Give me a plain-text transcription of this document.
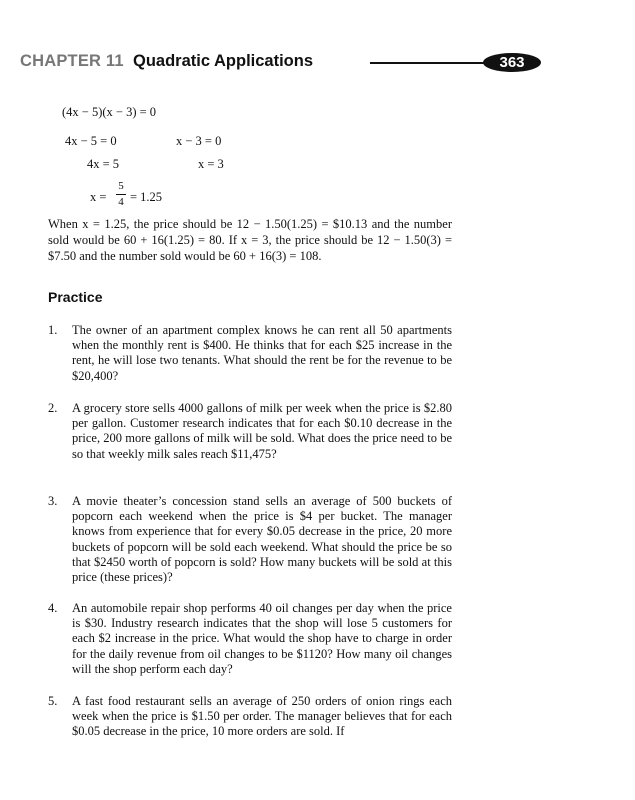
CHAPTER 11 Quadratic Applications	363
(4x − 5)(x − 3) = 0
4x − 5 = 0	x − 3 = 0
4x = 5	x = 3
x =
5
4 = 1.25

When x = 1.25, the price should be 12 − 1.50(1.25) = $10.13 and the number sold would be 60 + 16(1.25) = 80. If x = 3, the price should be 12 − 1.50(3) = $7.50 and the number sold would be 60 + 16(3) = 108.

Practice
1.	The owner of an apartment complex knows he can rent all 50 apartments when the monthly rent is $400. He thinks that for each $25 increase in the rent, he will lose two tenants. What should the rent be for the revenue to be $20,400?
2.	A grocery store sells 4000 gallons of milk per week when the price is $2.80 per gallon. Customer research indicates that for each $0.10 decrease in the price, 200 more gallons of milk will be sold. What does the price need to be so that weekly milk sales reach $11,475?
3.	A movie theater’s concession stand sells an average of 500 buckets of popcorn each weekend when the price is $4 per bucket. The manager knows from experience that for every $0.05 decrease in the price, 20 more buckets of popcorn will be sold each weekend. What should the price be so that $2450 worth of popcorn is sold? How many buckets will be sold at this price (these prices)?
4.	An automobile repair shop performs 40 oil changes per day when the price is $30. Industry research indicates that the shop will lose 5 customers for each $2 increase in the price. What would the shop have to charge in order for the daily revenue from oil changes to be $1120? How many oil changes will the shop perform each day?
5.	A fast food restaurant sells an average of 250 orders of onion rings each week when the price is $1.50 per order. The manager believes that for each $0.05 decrease in the price, 10 more orders are sold. If
